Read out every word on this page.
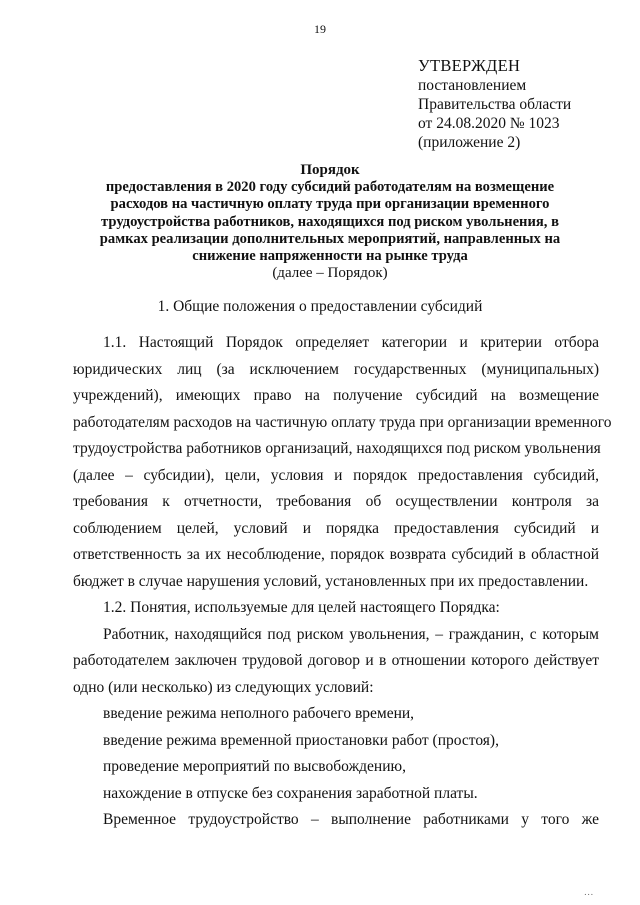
19
УТВЕРЖДЕН
постановлением
Правительства области
от 24.08.2020 № 1023
(приложение 2)
Порядок
предоставления в 2020 году субсидий работодателям на возмещение
расходов на частичную оплату труда при организации временного
трудоустройства работников, находящихся под риском увольнения, в
рамках реализации дополнительных мероприятий, направленных на
снижение напряженности на рынке труда
(далее – Порядок)
1. Общие положения о предоставлении субсидий
1.1. Настоящий Порядок определяет категории и критерии отбора
юридических лиц (за исключением государственных (муниципальных)
учреждений), имеющих право на получение субсидий на возмещение
работодателям расходов на частичную оплату труда при организации временного
трудоустройства работников организаций, находящихся под риском увольнения
(далее – субсидии), цели, условия и порядок предоставления субсидий,
требования к отчетности, требования об осуществлении контроля за
соблюдением целей, условий и порядка предоставления субсидий и
ответственность за их несоблюдение, порядок возврата субсидий в областной
бюджет в случае нарушения условий, установленных при их предоставлении.
1.2. Понятия, используемые для целей настоящего Порядка:
Работник, находящийся под риском увольнения, – гражданин, с которым
работодателем заключен трудовой договор и в отношении которого действует
одно (или несколько) из следующих условий:
введение режима неполного рабочего времени,
введение режима временной приостановки работ (простоя),
проведение мероприятий по высвобождению,
нахождение в отпуске без сохранения заработной платы.
Временное трудоустройство – выполнение работниками у того же
...
